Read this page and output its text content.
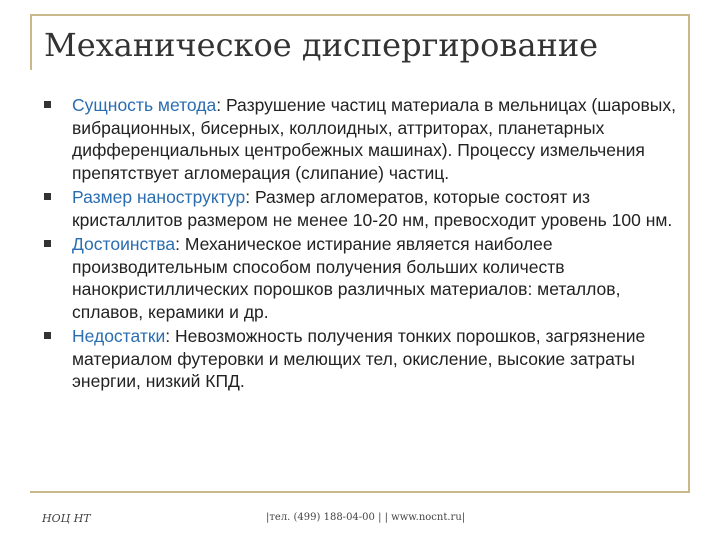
Механическое диспергирование
Сущность метода: Разрушение частиц материала в мельницах (шаровых, вибрационных, бисерных, коллоидных, аттриторах, планетарных дифференциальных центробежных машинах). Процессу измельчения препятствует агломерация (слипание) частиц.
Размер наноструктур: Размер агломератов, которые состоят из кристаллитов размером не менее 10-20 нм, превосходит уровень 100 нм.
Достоинства: Механическое истирание является наиболее производительным способом получения больших количеств нанокристиллических порошков различных материалов: металлов, сплавов, керамики и др.
Недостатки: Невозможность получения тонких порошков, загрязнение материалом футеровки и мелющих тел, окисление, высокие затраты энергии, низкий КПД.
НОЦ НТ	|тел. (499) 188-04-00 | | www.nocnt.ru|
